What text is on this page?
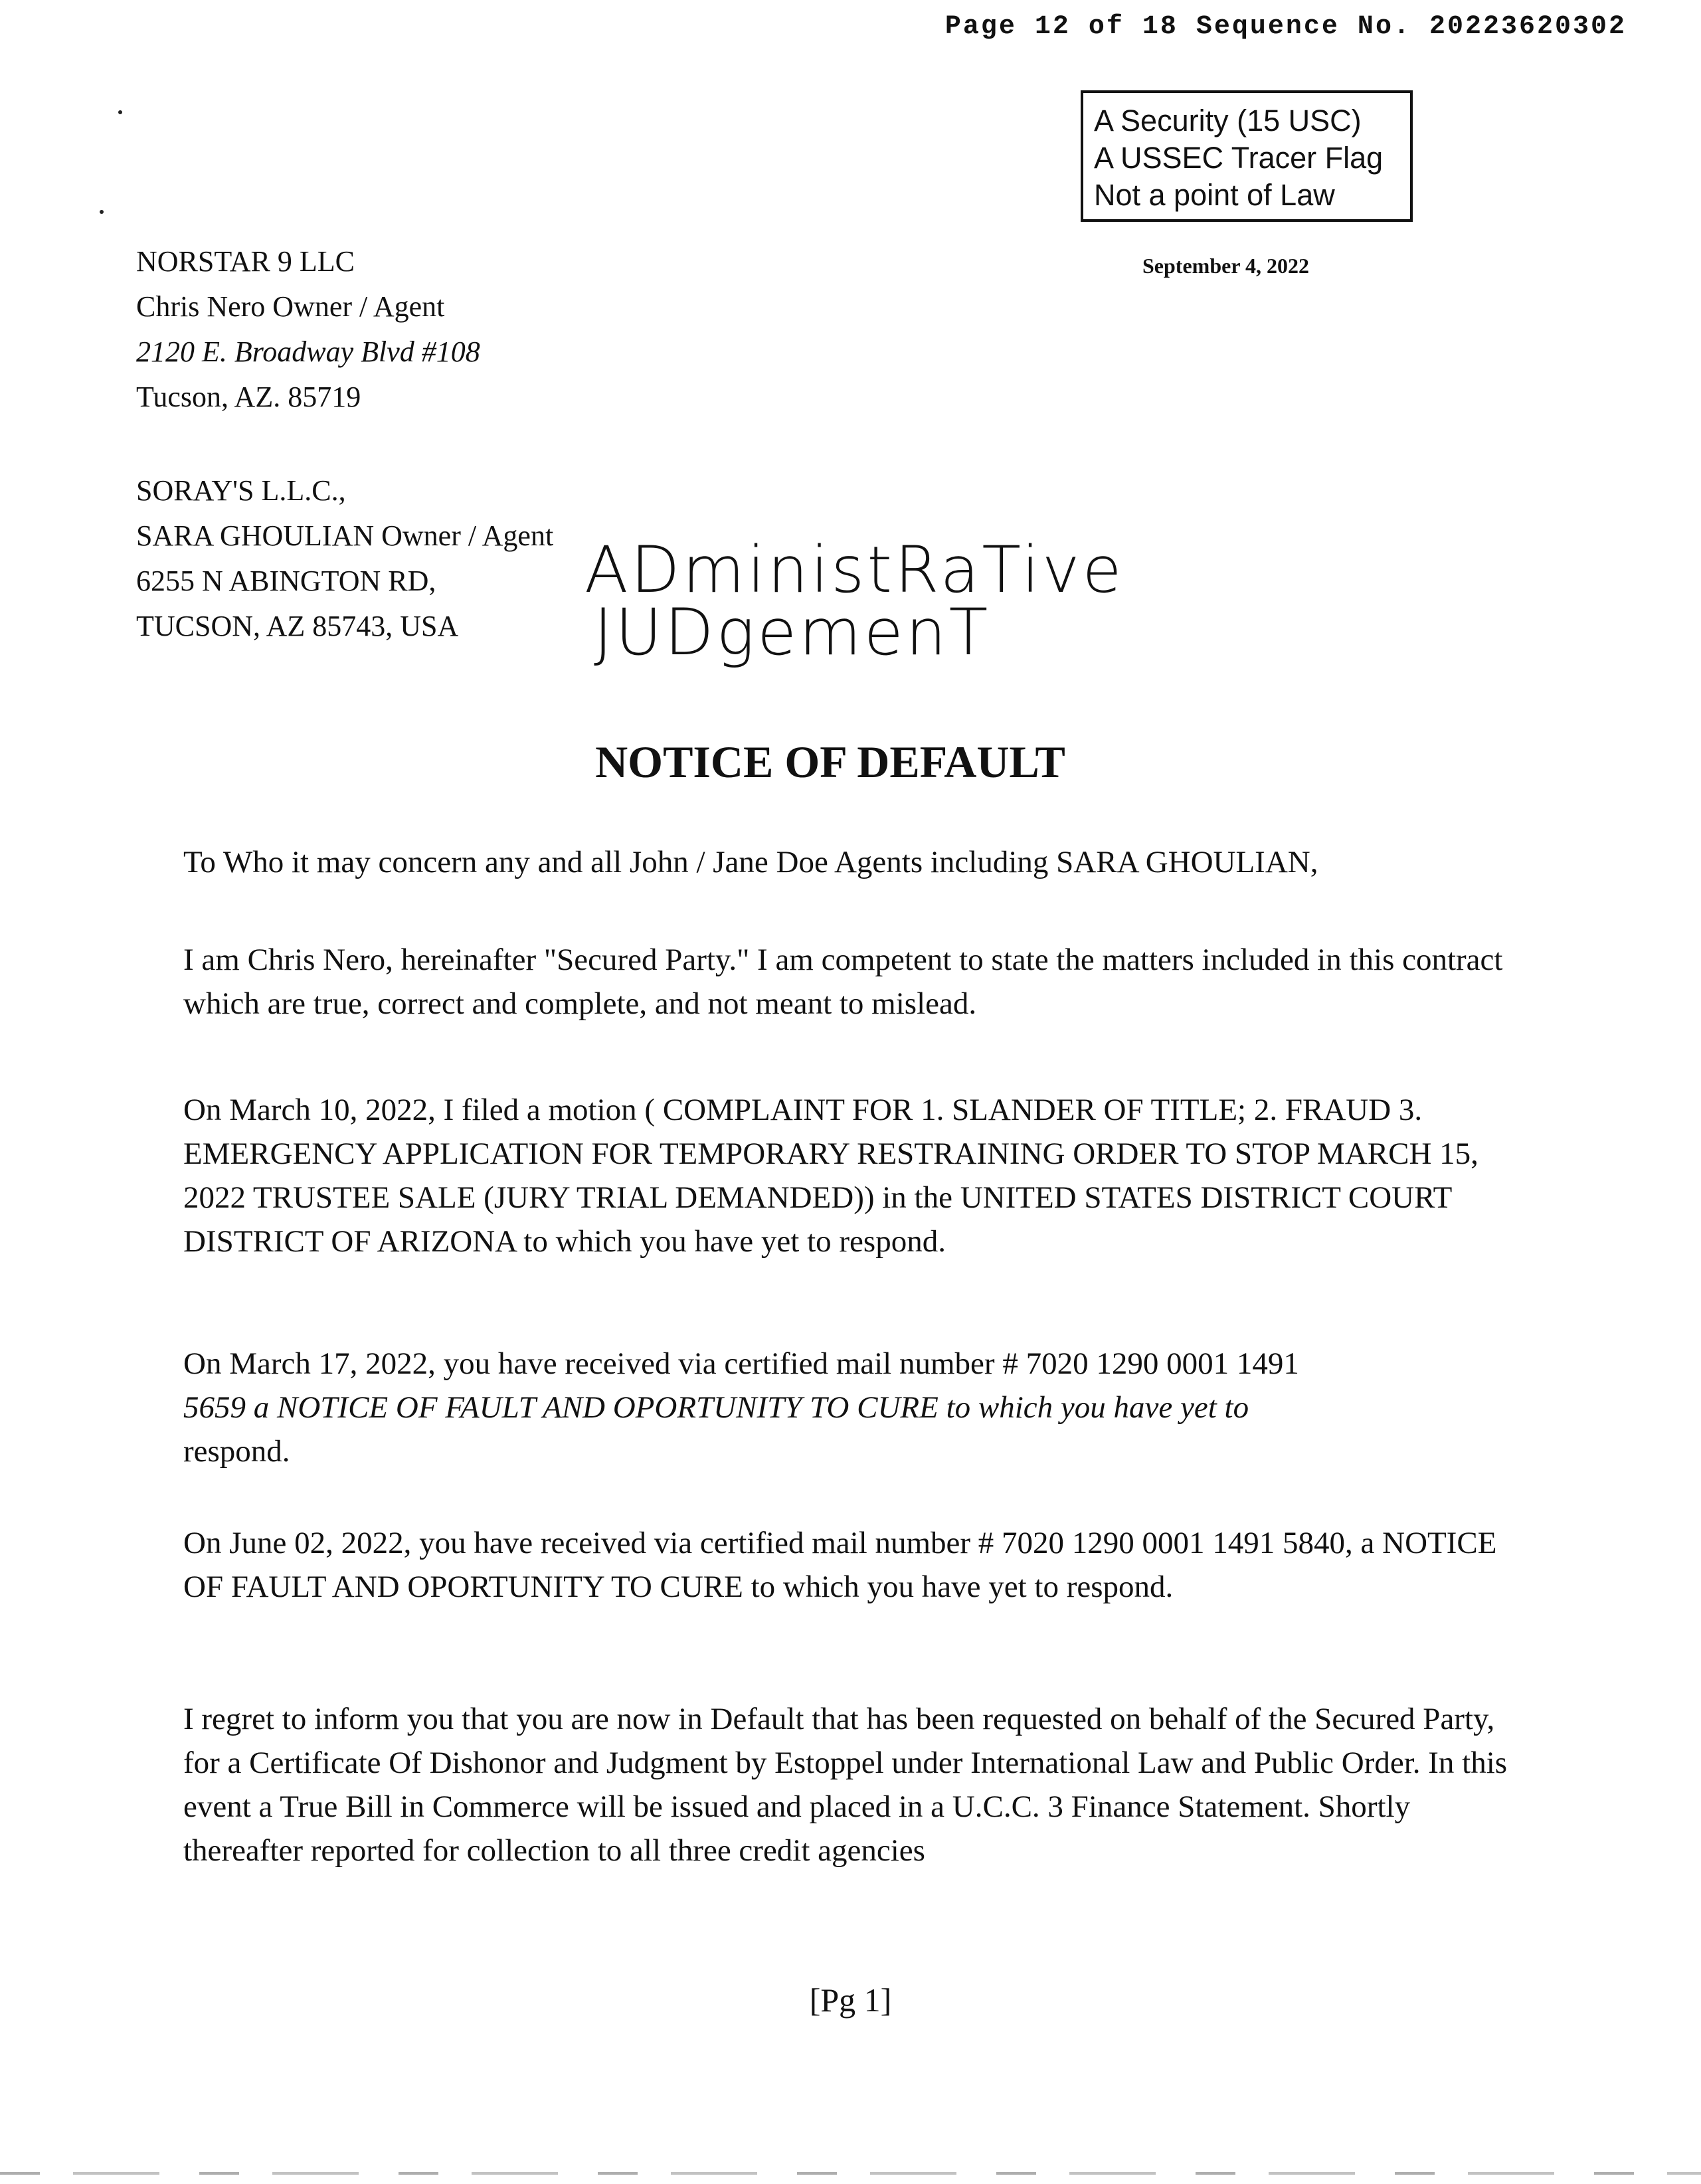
Page 12 of 18 Sequence No. 20223620302
A Security (15 USC)
A USSEC Tracer Flag
Not a point of Law
September 4, 2022
NORSTAR 9 LLC
Chris Nero Owner / Agent
2120 E. Broadway Blvd #108
Tucson, AZ. 85719
SORAY'S L.L.C.,
SARA GHOULIAN Owner / Agent
6255 N ABINGTON RD,
TUCSON, AZ 85743, USA
ADministRaTive
JUDgemenT
NOTICE OF DEFAULT

To Who it may concern any and all John / Jane Doe Agents including SARA GHOULIAN,

I am Chris Nero, hereinafter "Secured Party." I am competent to state the matters included in this contract which are true, correct and complete, and not meant to mislead.

On March 10, 2022, I filed a motion ( COMPLAINT FOR 1. SLANDER OF TITLE; 2. FRAUD 3. EMERGENCY APPLICATION FOR TEMPORARY RESTRAINING ORDER TO STOP MARCH 15, 2022 TRUSTEE SALE (JURY TRIAL DEMANDED)) in the UNITED STATES DISTRICT COURT DISTRICT OF ARIZONA to which you have yet to respond.

On March 17, 2022, you have received via certified mail number # 7020 1290 0001 1491

5659 a NOTICE OF FAULT AND OPORTUNITY TO CURE to which you have yet to

respond.

On June 02, 2022, you have received via certified mail number # 7020 1290 0001 1491 5840, a NOTICE OF FAULT AND OPORTUNITY TO CURE to which you have yet to respond.

I regret to inform you that you are now in Default that has been requested on behalf of the Secured Party, for a Certificate Of Dishonor and Judgment by Estoppel under International Law and Public Order. In this event a True Bill in Commerce will be issued and placed in a U.C.C. 3 Finance Statement. Shortly thereafter reported for collection to all three credit agencies

[Pg 1]
